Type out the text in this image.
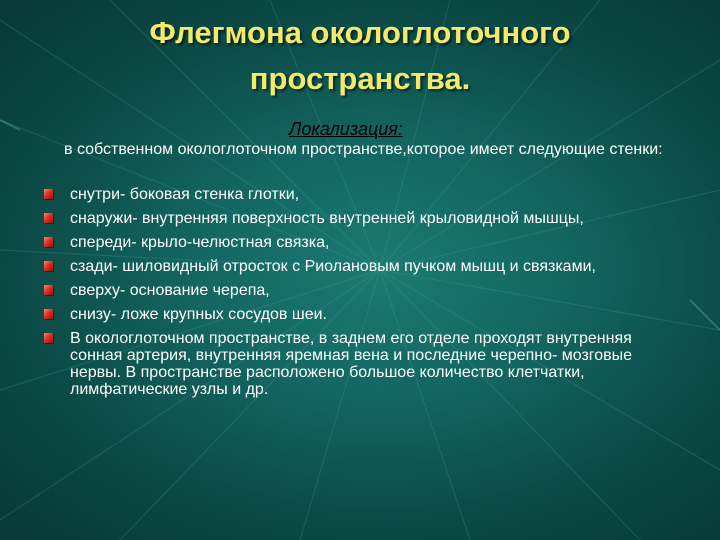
Флегмона окологлоточного
пространства.
Локализация:
в собственном окологлоточном пространстве,которое имеет следующие стенки:
снутри- боковая стенка глотки,
снаружи- внутренняя поверхность внутренней крыловидной мышцы,
спереди- крыло-челюстная связка,
сзади- шиловидный отросток с Риолановым пучком мышц и связками,
сверху- основание черепа,
снизу- ложе крупных сосудов шеи.
В окологлоточном пространстве, в заднем его отделе проходят внутренняя сонная артерия, внутренняя яремная вена и последние черепно- мозговые нервы. В пространстве расположено большое количество клетчатки, лимфатические узлы и др.
